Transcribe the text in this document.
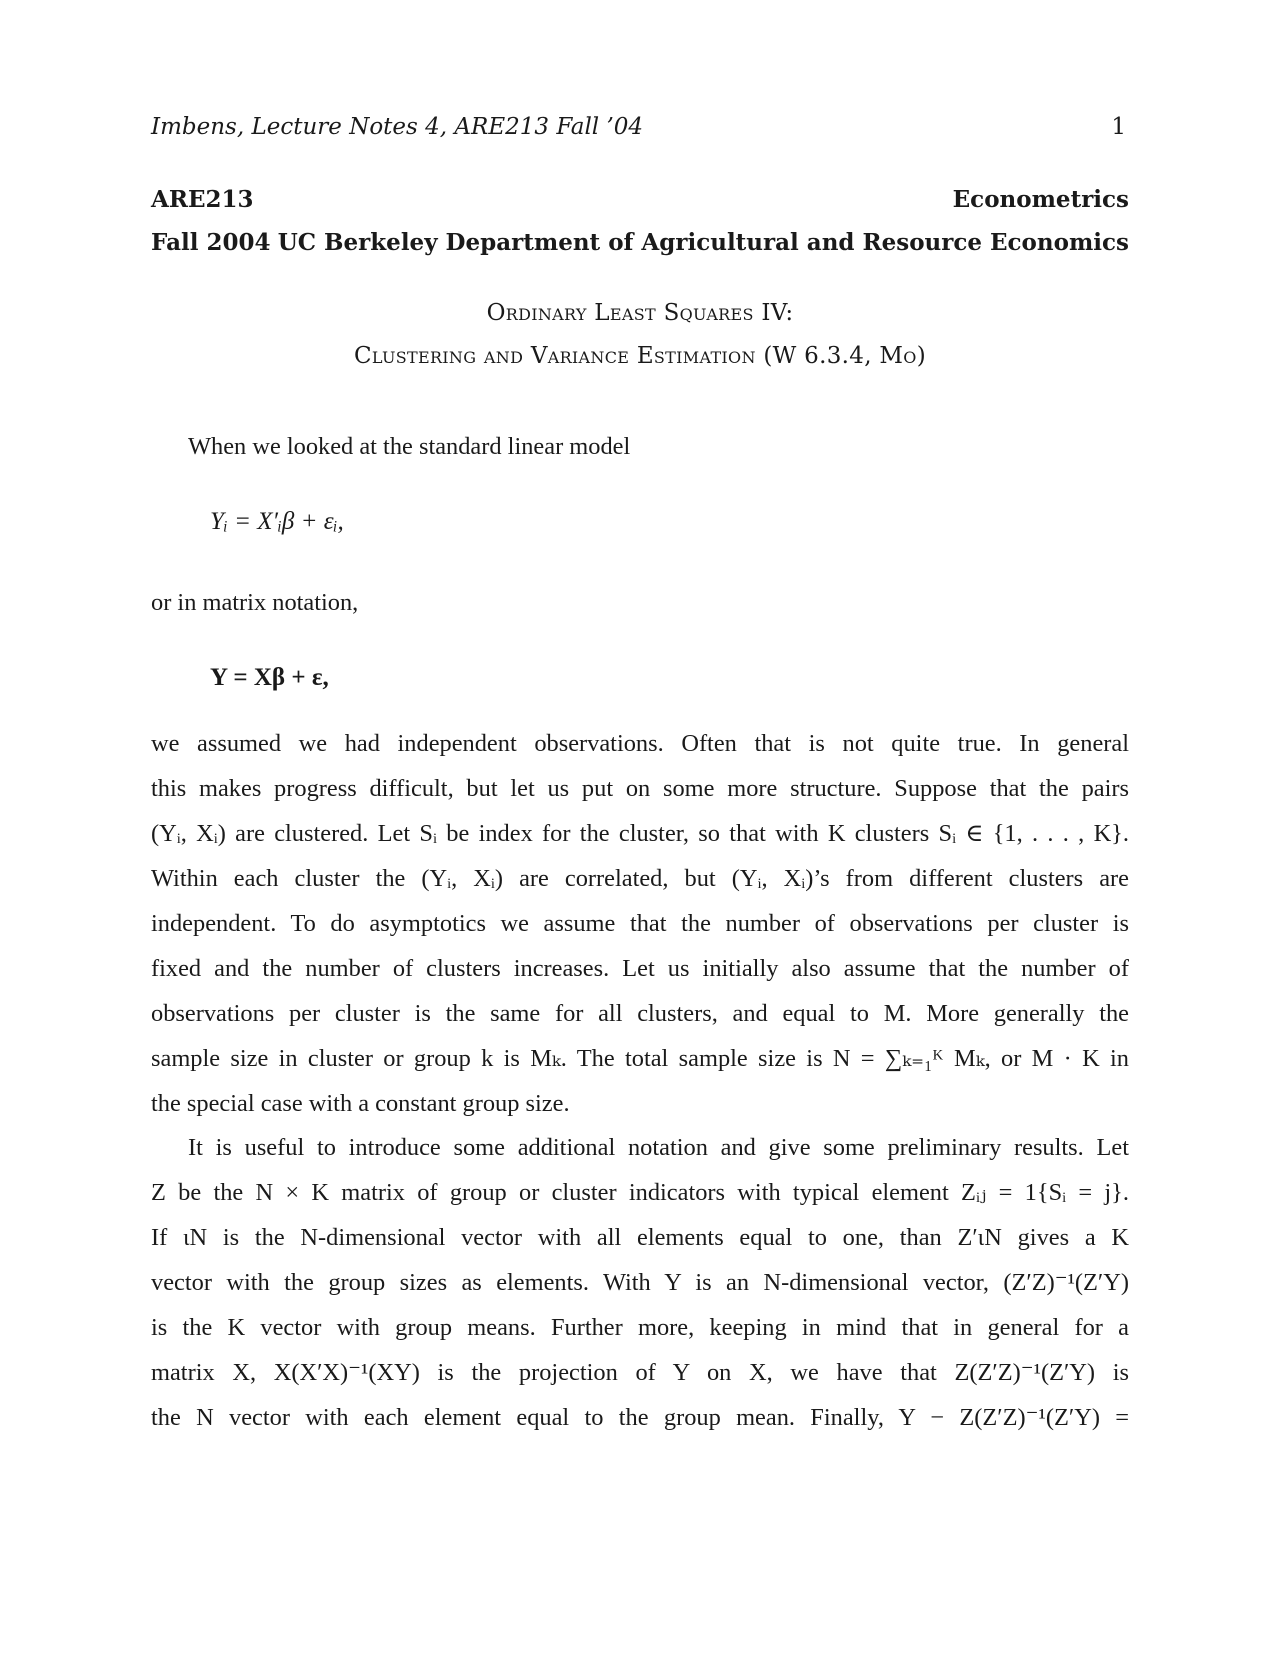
Imbens, Lecture Notes 4, ARE213 Fall ’04	1
ARE213	Econometrics
Fall 2004 UC Berkeley Department of Agricultural and Resource Economics
Ordinary Least Squares IV:
Clustering and Variance Estimation (W 6.3.4, Mo)
When we looked at the standard linear model
Yᵢ = X′ᵢβ + εᵢ,
or in matrix notation,
Y = Xβ + ε,
we assumed we had independent observations. Often that is not quite true. In general
this makes progress difficult, but let us put on some more structure. Suppose that the pairs
(Yᵢ, Xᵢ) are clustered. Let Sᵢ be index for the cluster, so that with K clusters Sᵢ ∈ {1, . . . , K}.
Within each cluster the (Yᵢ, Xᵢ) are correlated, but (Yᵢ, Xᵢ)’s from different clusters are
independent. To do asymptotics we assume that the number of observations per cluster is
fixed and the number of clusters increases. Let us initially also assume that the number of
observations per cluster is the same for all clusters, and equal to M. More generally the
sample size in cluster or group k is Mₖ. The total sample size is N = ∑ₖ₌₁ᴷ Mₖ, or M · K in
the special case with a constant group size.
It is useful to introduce some additional notation and give some preliminary results. Let
Z be the N × K matrix of group or cluster indicators with typical element Zᵢⱼ = 1{Sᵢ = j}.
If ιN is the N-dimensional vector with all elements equal to one, than Z′ιN gives a K
vector with the group sizes as elements. With Y is an N-dimensional vector, (Z′Z)⁻¹(Z′Y)
is the K vector with group means. Further more, keeping in mind that in general for a
matrix X, X(X′X)⁻¹(XY) is the projection of Y on X, we have that Z(Z′Z)⁻¹(Z′Y) is
the N vector with each element equal to the group mean. Finally, Y − Z(Z′Z)⁻¹(Z′Y) =
